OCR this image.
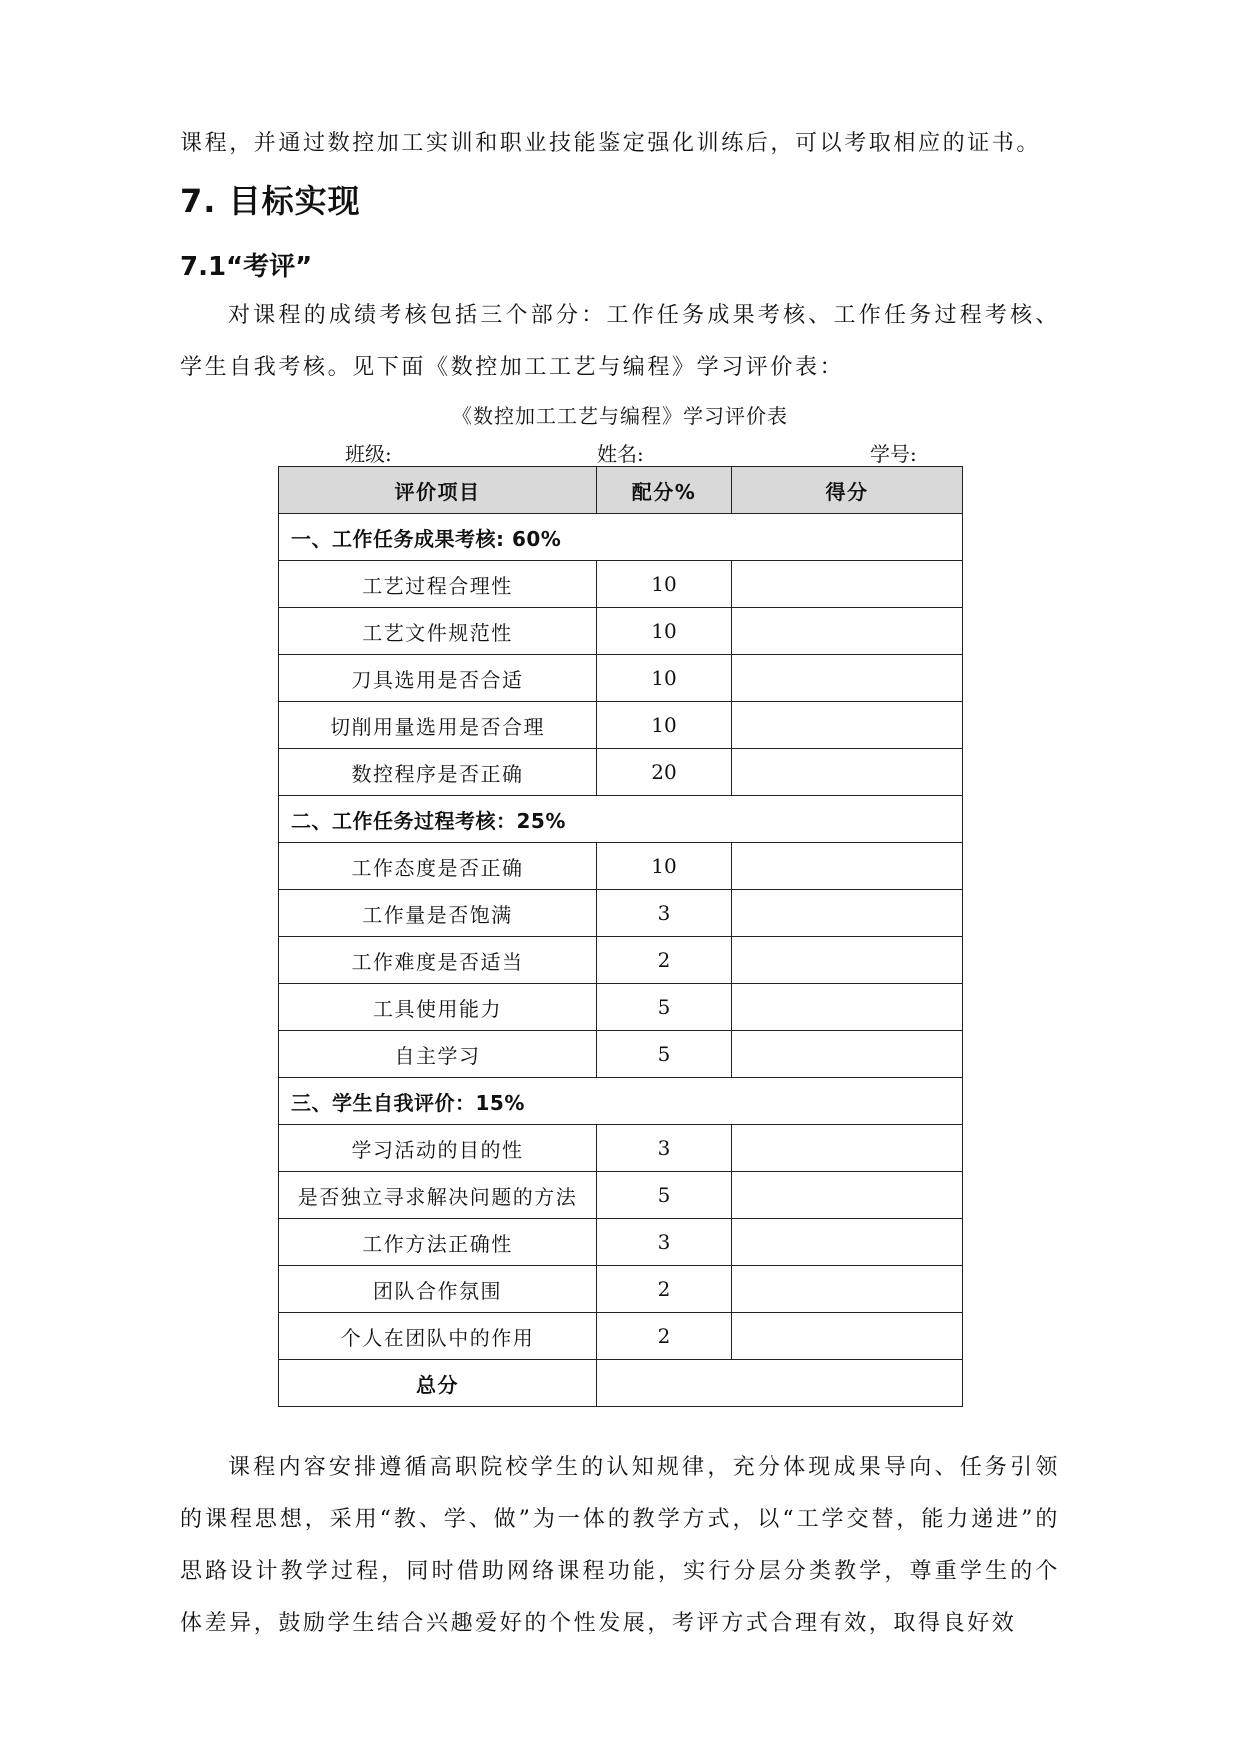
课程，并通过数控加工实训和职业技能鉴定强化训练后，可以考取相应的证书。

7. 目标实现
7.1“考评”

对课程的成绩考核包括三个部分：工作任务成果考核、工作任务过程考核、学生自我考核。见下面《数控加工工艺与编程》学习评价表：

《数控加工工艺与编程》学习评价表
班级:	姓名:	学号:
评价项目	配分%	得分
一、工作任务成果考核: 60%		
工艺过程合理性	10	
工艺文件规范性	10	
刀具选用是否合适	10	
切削用量选用是否合理	10	
数控程序是否正确	20	
二、工作任务过程考核：25%		
工作态度是否正确	10	
工作量是否饱满	3	
工作难度是否适当	2	
工具使用能力	5	
自主学习	5	
三、学生自我评价：15%		
学习活动的目的性	3	
是否独立寻求解决问题的方法	5	
工作方法正确性	3	
团队合作氛围	2	
个人在团队中的作用	2	
总分		

课程内容安排遵循高职院校学生的认知规律，充分体现成果导向、任务引领的课程思想，采用“教、学、做”为一体的教学方式，以“工学交替，能力递进”的思路设计教学过程，同时借助网络课程功能，实行分层分类教学，尊重学生的个体差异，鼓励学生结合兴趣爱好的个性发展，考评方式合理有效，取得良好效
